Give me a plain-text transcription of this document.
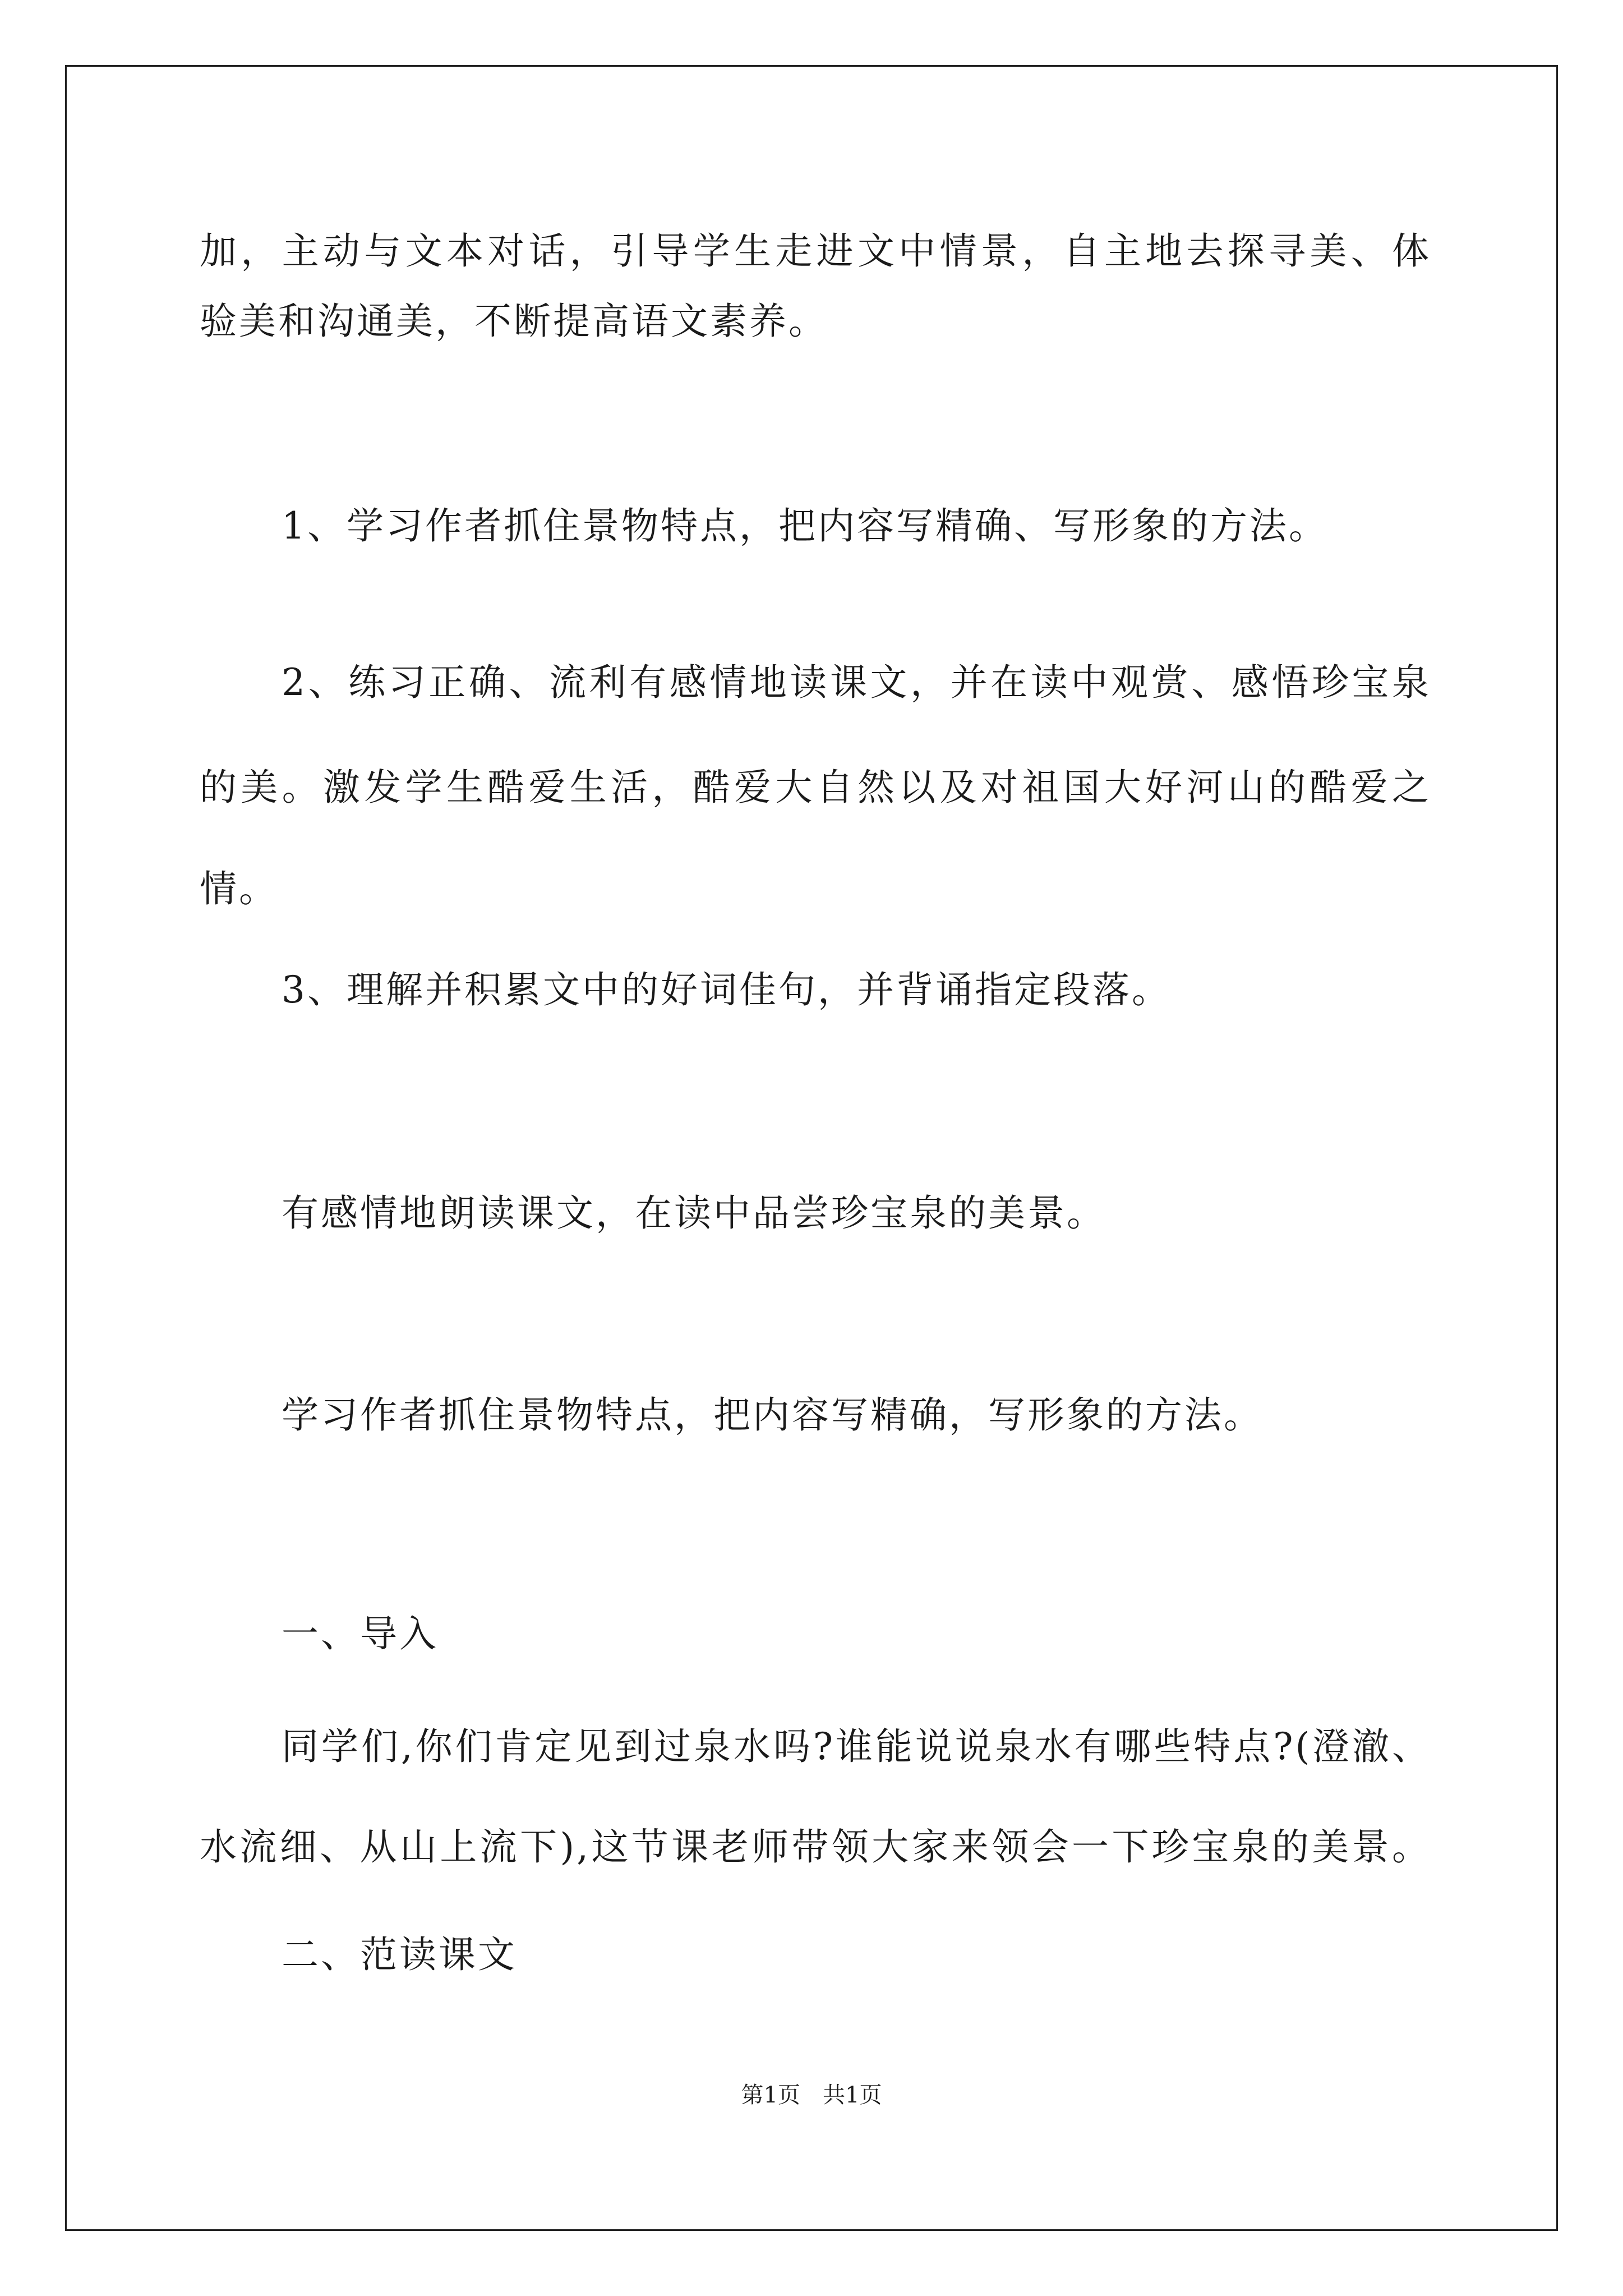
加，主动与文本对话，引导学生走进文中情景，自主地去探寻美、体
验美和沟通美，不断提高语文素养。
1、学习作者抓住景物特点，把内容写精确、写形象的方法。
2、练习正确、流利有感情地读课文，并在读中观赏、感悟珍宝泉
的美。激发学生酷爱生活，酷爱大自然以及对祖国大好河山的酷爱之
情。
3、理解并积累文中的好词佳句，并背诵指定段落。
有感情地朗读课文，在读中品尝珍宝泉的美景。
学习作者抓住景物特点，把内容写精确，写形象的方法。
一、导入
同学们,你们肯定见到过泉水吗?谁能说说泉水有哪些特点?(澄澈、
水流细、从山上流下),这节课老师带领大家来领会一下珍宝泉的美景。
二、范读课文
第1页　共1页
